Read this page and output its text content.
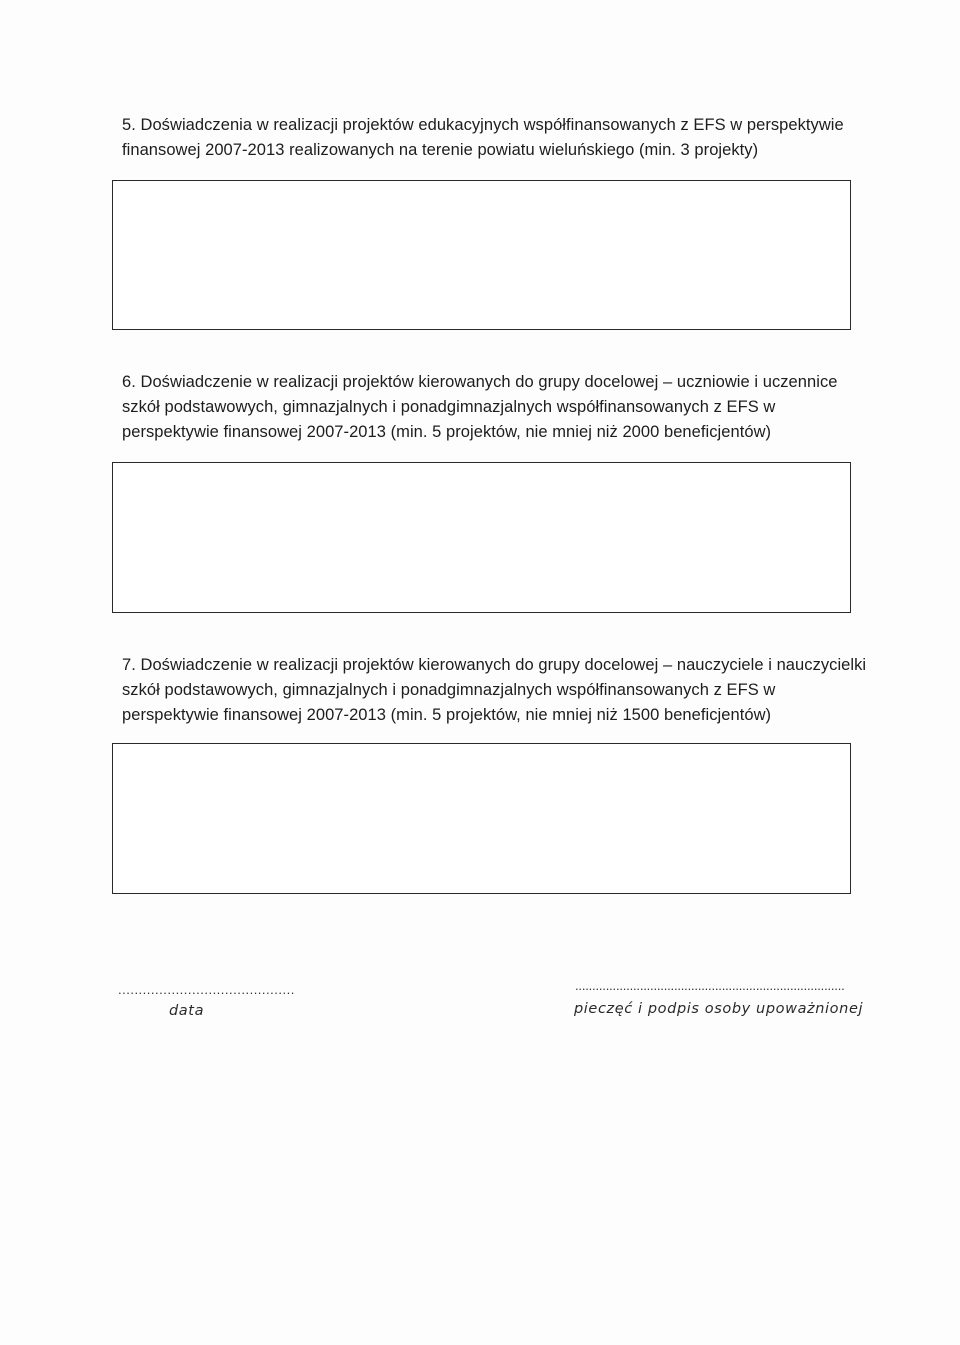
5. Doświadczenia w realizacji projektów edukacyjnych współfinansowanych z EFS w perspektywie
finansowej 2007-2013 realizowanych na terenie powiatu wieluńskiego (min. 3 projekty)
6. Doświadczenie w realizacji projektów kierowanych do grupy docelowej – uczniowie i uczennice
szkół podstawowych, gimnazjalnych i ponadgimnazjalnych współfinansowanych z EFS w
perspektywie finansowej 2007-2013 (min. 5 projektów, nie mniej niż 2000 beneficjentów)
7. Doświadczenie w realizacji projektów kierowanych do grupy docelowej – nauczyciele i nauczycielki
szkół podstawowych, gimnazjalnych i ponadgimnazjalnych współfinansowanych z EFS w
perspektywie finansowej 2007-2013 (min. 5 projektów, nie mniej niż 1500 beneficjentów)
...........................................
data
...............................................................................
pieczęć i podpis osoby upoważnionej
